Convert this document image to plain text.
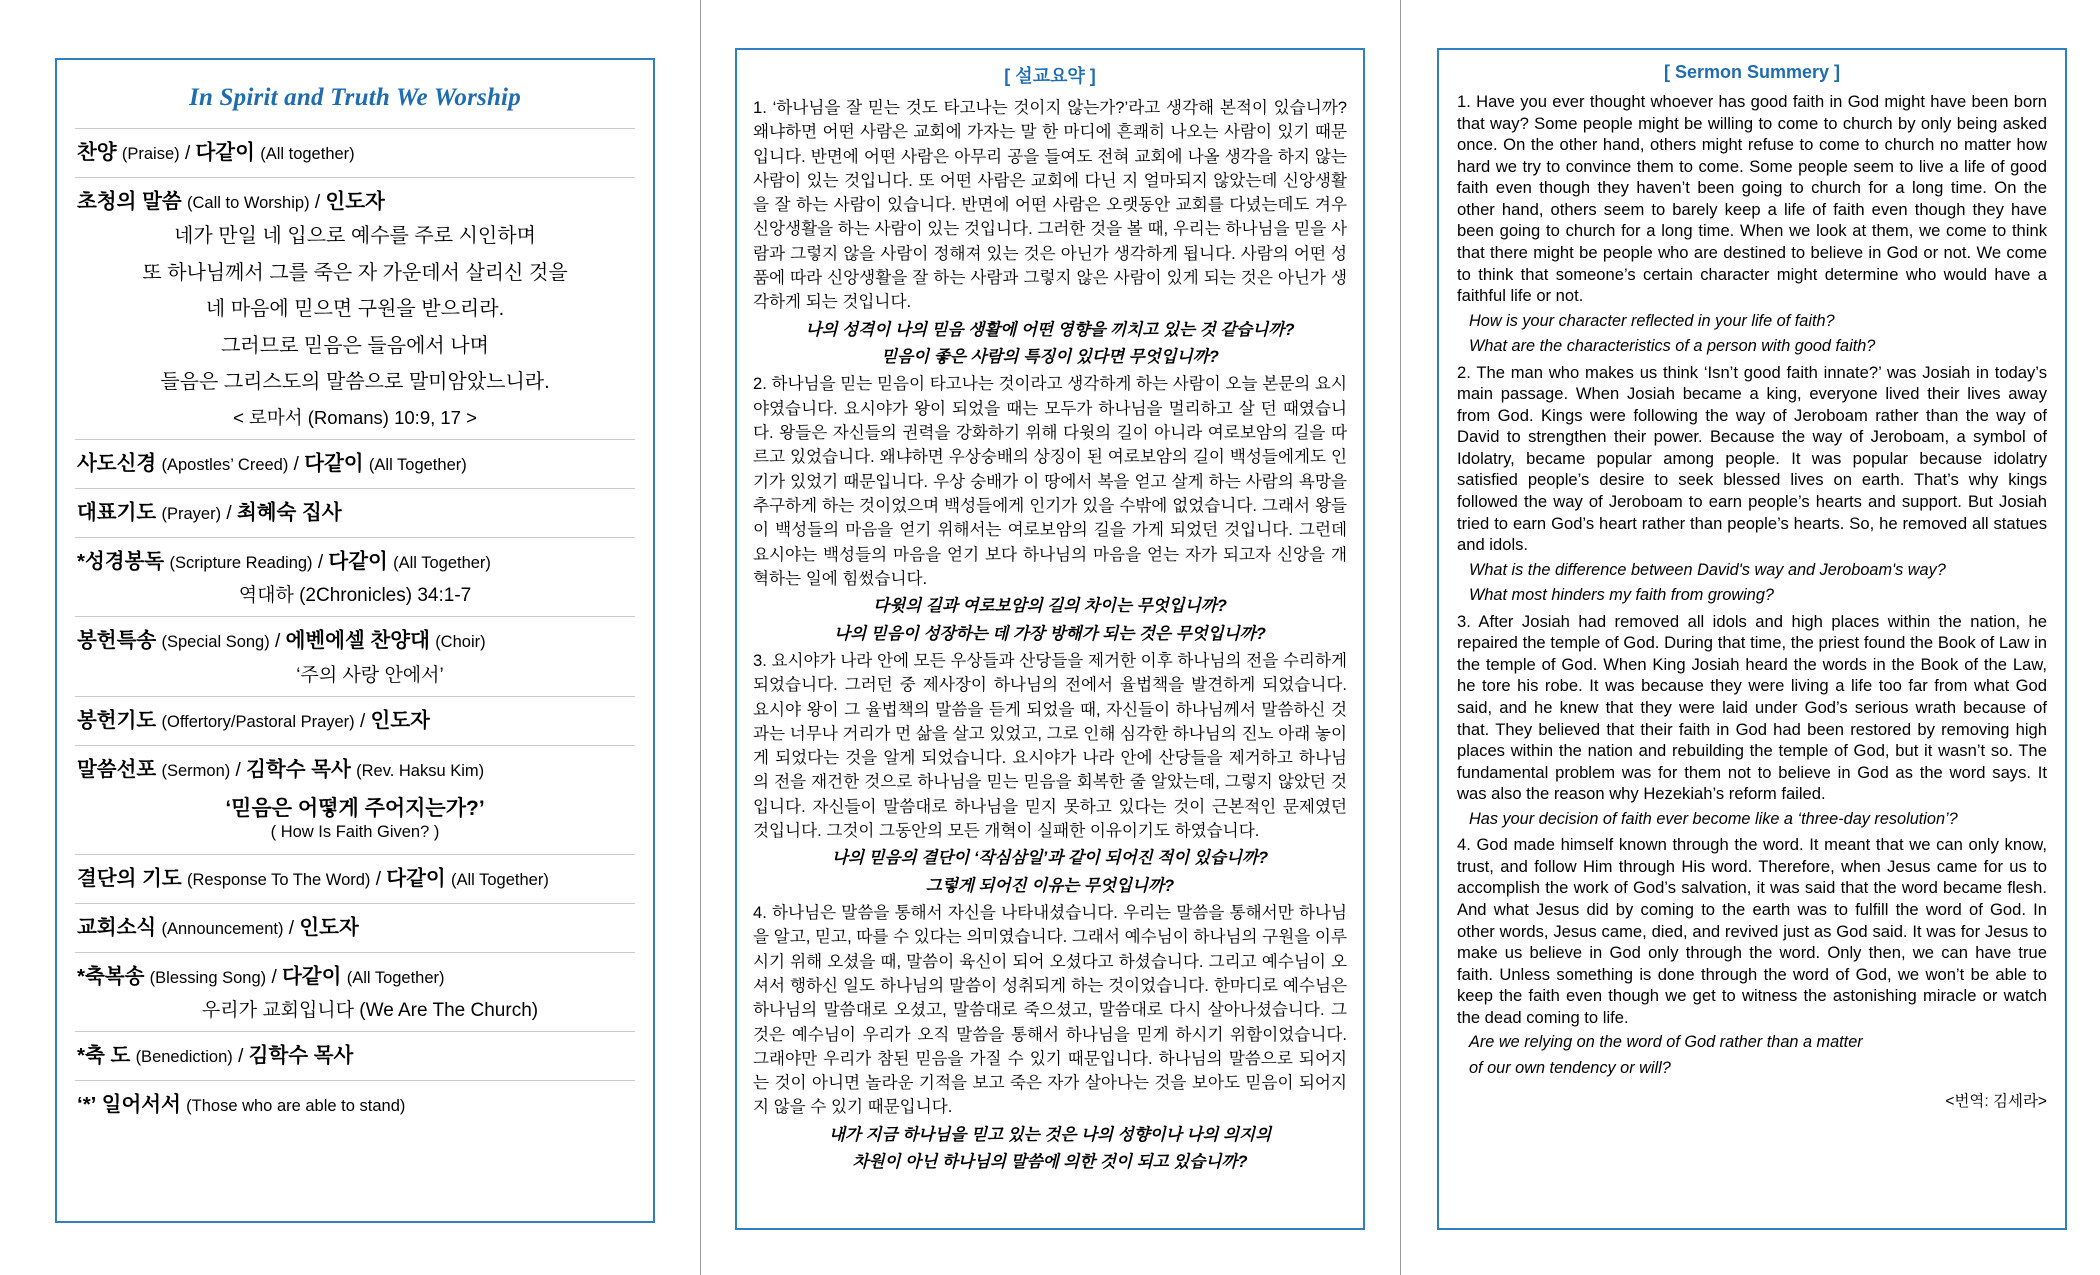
In Spirit and Truth We Worship
찬양 (Praise) / 다같이 (All together)
초청의 말씀 (Call to Worship) / 인도자
네가 만일 네 입으로 예수를 주로 시인하며
또 하나님께서 그를 죽은 자 가운데서 살리신 것을
네 마음에 믿으면 구원을 받으리라.
그러므로 믿음은 들음에서 나며
들음은 그리스도의 말씀으로 말미암았느니라.
< 로마서 (Romans) 10:9, 17 >
사도신경 (Apostles’ Creed) / 다같이 (All Together)
대표기도 (Prayer) / 최혜숙 집사
*성경봉독 (Scripture Reading) / 다같이 (All Together)
역대하 (2Chronicles) 34:1-7
봉헌특송 (Special Song) / 에벤에셀 찬양대 (Choir)
‘주의 사랑 안에서’
봉헌기도 (Offertory/Pastoral Prayer) / 인도자
말씀선포 (Sermon) / 김학수 목사 (Rev. Haksu Kim)
‘믿음은 어떻게 주어지는가?’
( How Is Faith Given? )
결단의 기도 (Response To The Word) / 다같이 (All Together)
교회소식 (Announcement) / 인도자
*축복송 (Blessing Song) / 다같이 (All Together)
우리가 교회입니다 (We Are The Church)
*축 도 (Benediction) / 김학수 목사
‘*’ 일어서서 (Those who are able to stand)
[ 설교요약 ]

1. ‘하나님을 잘 믿는 것도 타고나는 것이지 않는가?’라고 생각해 본적이 있습니까? 왜냐하면 어떤 사람은 교회에 가자는 말 한 마디에 흔쾌히 나오는 사람이 있기 때문입니다. 반면에 어떤 사람은 아무리 공을 들여도 전혀 교회에 나올 생각을 하지 않는 사람이 있는 것입니다. 또 어떤 사람은 교회에 다닌 지 얼마되지 않았는데 신앙생활을 잘 하는 사람이 있습니다. 반면에 어떤 사람은 오랫동안 교회를 다녔는데도 겨우 신앙생활을 하는 사람이 있는 것입니다. 그러한 것을 볼 때, 우리는 하나님을 믿을 사람과 그렇지 않을 사람이 정해져 있는 것은 아닌가 생각하게 됩니다. 사람의 어떤 성품에 따라 신앙생활을 잘 하는 사람과 그렇지 않은 사람이 있게 되는 것은 아닌가 생각하게 되는 것입니다.

나의 성격이 나의 믿음 생활에 어떤 영향을 끼치고 있는 것 같습니까?

믿음이 좋은 사람의 특징이 있다면 무엇입니까?

2. 하나님을 믿는 믿음이 타고나는 것이라고 생각하게 하는 사람이 오늘 본문의 요시야였습니다. 요시야가 왕이 되었을 때는 모두가 하나님을 멀리하고 살 던 때였습니다. 왕들은 자신들의 권력을 강화하기 위해 다윗의 길이 아니라 여로보암의 길을 따르고 있었습니다. 왜냐하면 우상숭배의 상징이 된 여로보암의 길이 백성들에게도 인기가 있었기 때문입니다. 우상 숭배가 이 땅에서 복을 얻고 살게 하는 사람의 욕망을 추구하게 하는 것이었으며 백성들에게 인기가 있을 수밖에 없었습니다. 그래서 왕들이 백성들의 마음을 얻기 위해서는 여로보암의 길을 가게 되었던 것입니다. 그런데 요시야는 백성들의 마음을 얻기 보다 하나님의 마음을 얻는 자가 되고자 신앙을 개혁하는 일에 힘썼습니다.

다윗의 길과 여로보암의 길의 차이는 무엇입니까?

나의 믿음이 성장하는 데 가장 방해가 되는 것은 무엇입니까?

3. 요시야가 나라 안에 모든 우상들과 산당들을 제거한 이후 하나님의 전을 수리하게 되었습니다. 그러던 중 제사장이 하나님의 전에서 율법책을 발견하게 되었습니다. 요시야 왕이 그 율법책의 말씀을 듣게 되었을 때, 자신들이 하나님께서 말씀하신 것과는 너무나 거리가 먼 삶을 살고 있었고, 그로 인해 심각한 하나님의 진노 아래 놓이게 되었다는 것을 알게 되었습니다. 요시야가 나라 안에 산당들을 제거하고 하나님의 전을 재건한 것으로 하나님을 믿는 믿음을 회복한 줄 알았는데, 그렇지 않았던 것입니다. 자신들이 말씀대로 하나님을 믿지 못하고 있다는 것이 근본적인 문제였던 것입니다. 그것이 그동안의 모든 개혁이 실패한 이유이기도 하였습니다.

나의 믿음의 결단이 ‘작심삼일’과 같이 되어진 적이 있습니까?

그렇게 되어진 이유는 무엇입니까?

4. 하나님은 말씀을 통해서 자신을 나타내셨습니다. 우리는 말씀을 통해서만 하나님을 알고, 믿고, 따를 수 있다는 의미였습니다. 그래서 예수님이 하나님의 구원을 이루시기 위해 오셨을 때, 말씀이 육신이 되어 오셨다고 하셨습니다. 그리고 예수님이 오셔서 행하신 일도 하나님의 말씀이 성취되게 하는 것이었습니다. 한마디로 예수님은 하나님의 말씀대로 오셨고, 말씀대로 죽으셨고, 말씀대로 다시 살아나셨습니다. 그것은 예수님이 우리가 오직 말씀을 통해서 하나님을 믿게 하시기 위함이었습니다. 그래야만 우리가 참된 믿음을 가질 수 있기 때문입니다. 하나님의 말씀으로 되어지는 것이 아니면 놀라운 기적을 보고 죽은 자가 살아나는 것을 보아도 믿음이 되어지지 않을 수 있기 때문입니다.

내가 지금 하나님을 믿고 있는 것은 나의 성향이나 나의 의지의

차원이 아닌 하나님의 말씀에 의한 것이 되고 있습니까?

[ Sermon Summery ]

1. Have you ever thought whoever has good faith in God might have been born that way? Some people might be willing to come to church by only being asked once. On the other hand, others might refuse to come to church no matter how hard we try to convince them to come. Some people seem to live a life of good faith even though they haven’t been going to church for a long time. On the other hand, others seem to barely keep a life of faith even though they have been going to church for a long time. When we look at them, we come to think that there might be people who are destined to believe in God or not. We come to think that someone’s certain character might determine who would have a faithful life or not.

How is your character reflected in your life of faith?

What are the characteristics of a person with good faith?

2. The man who makes us think ‘Isn’t good faith innate?’ was Josiah in today’s main passage. When Josiah became a king, everyone lived their lives away from God. Kings were following the way of Jeroboam rather than the way of David to strengthen their power. Because the way of Jeroboam, a symbol of Idolatry, became popular among people. It was popular because idolatry satisfied people’s desire to seek blessed lives on earth. That’s why kings followed the way of Jeroboam to earn people’s hearts and support. But Josiah tried to earn God’s heart rather than people’s hearts. So, he removed all statues and idols.

What is the difference between David's way and Jeroboam's way?

What most hinders my faith from growing?

3. After Josiah had removed all idols and high places within the nation, he repaired the temple of God. During that time, the priest found the Book of Law in the temple of God. When King Josiah heard the words in the Book of the Law, he tore his robe. It was because they were living a life too far from what God said, and he knew that they were laid under God’s serious wrath because of that. They believed that their faith in God had been restored by removing high places within the nation and rebuilding the temple of God, but it wasn’t so. The fundamental problem was for them not to believe in God as the word says. It was also the reason why Hezekiah’s reform failed.

Has your decision of faith ever become like a ‘three-day resolution’?

4. God made himself known through the word. It meant that we can only know, trust, and follow Him through His word. Therefore, when Jesus came for us to accomplish the work of God’s salvation, it was said that the word became flesh. And what Jesus did by coming to the earth was to fulfill the word of God. In other words, Jesus came, died, and revived just as God said. It was for Jesus to make us believe in God only through the word. Only then, we can have true faith. Unless something is done through the word of God, we won’t be able to keep the faith even though we get to witness the astonishing miracle or watch the dead coming to life.

Are we relying on the word of God rather than a matter

of our own tendency or will?

<번역: 김세라>
